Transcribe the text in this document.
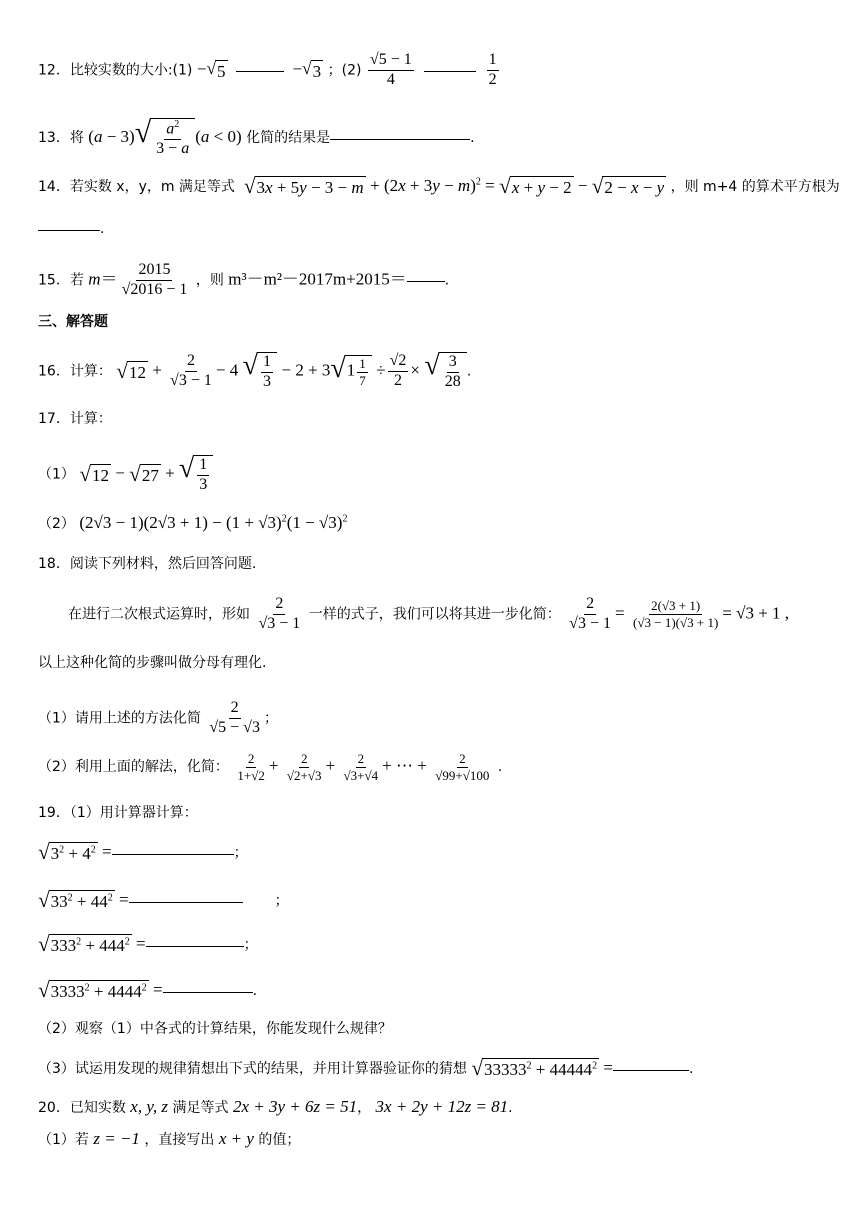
12．比较实数的大小:(1) − √ 5	− √ 3 ；$(2) \frac{√5 - 1}{4}$
	$\frac{1}{2}$
13．将 (a − 3) √ $\frac{a^2}{3 - a} (a < 0)$ 化简的结果是	.
14．若实数 x，y，m 满足等式 √ $3x + 5y - 3 - m + (2x + 3y - m)^2$ = √ x + y − 2 − √ 2 − x − y ，则 m+4 的算术平方根为
.
15．若 $m= \frac{2015}{√2016 - 1}$ ，则 m³－m²－2017m+2015＝	.
三、解答题
16．计算： √ $12 + \frac{2}{√3 - 1} - 4$ √ $\frac{1}{3} - 2 + 3$ √ $1 \frac{1}{7} \div \frac{√2}{2}$ × √ $\frac{3}{28}$ .
17．计算：
（1） √ 12 − √ 27 + √ $\frac{1}{3}$
（2） $(2√3 - 1)(2√3 + 1) - (1 + √3)^2(1 - √3)^2$
18．阅读下列材料，然后回答问题.
在进行二次根式运算时，形如 $\frac{2}{√3 - 1}$ 一样的式子，我们可以将其进一步化简： $\frac{2}{√3 - 1} = \frac{2(√3 + 1)}{(√3 - 1)(√3 + 1)} = √3 + 1$ ,
以上这种化简的步骤叫做分母有理化.
（1）请用上述的方法化简 $\frac{2}{√5 - √3}$ ；
（2）利用上面的解法，化简： $\frac{2}{1+√2} + \frac{2}{√2+√3} + \frac{2}{√3+√4}$ + ⋯ + $\frac{2}{√99+√100}$ .
19．（1）用计算器计算：
√ $3^2 + 4^2$ =	；
√ $33^2 + 44^2$ =	；
√ $333^2 + 444^2$ =	；
√ $3333^2 + 4444^2$ =	.
（2）观察（1）中各式的计算结果，你能发现什么规律？
（3）试运用发现的规律猜想出下式的结果，并用计算器验证你的猜想 √ $33333^2 + 44444^2$ =	.
20．已知实数 x, y, z 满足等式 2x + 3y + 6z = 51， 3x + 2y + 12z = 81.
（1）若 z = −1 ，直接写出 x + y 的值；
